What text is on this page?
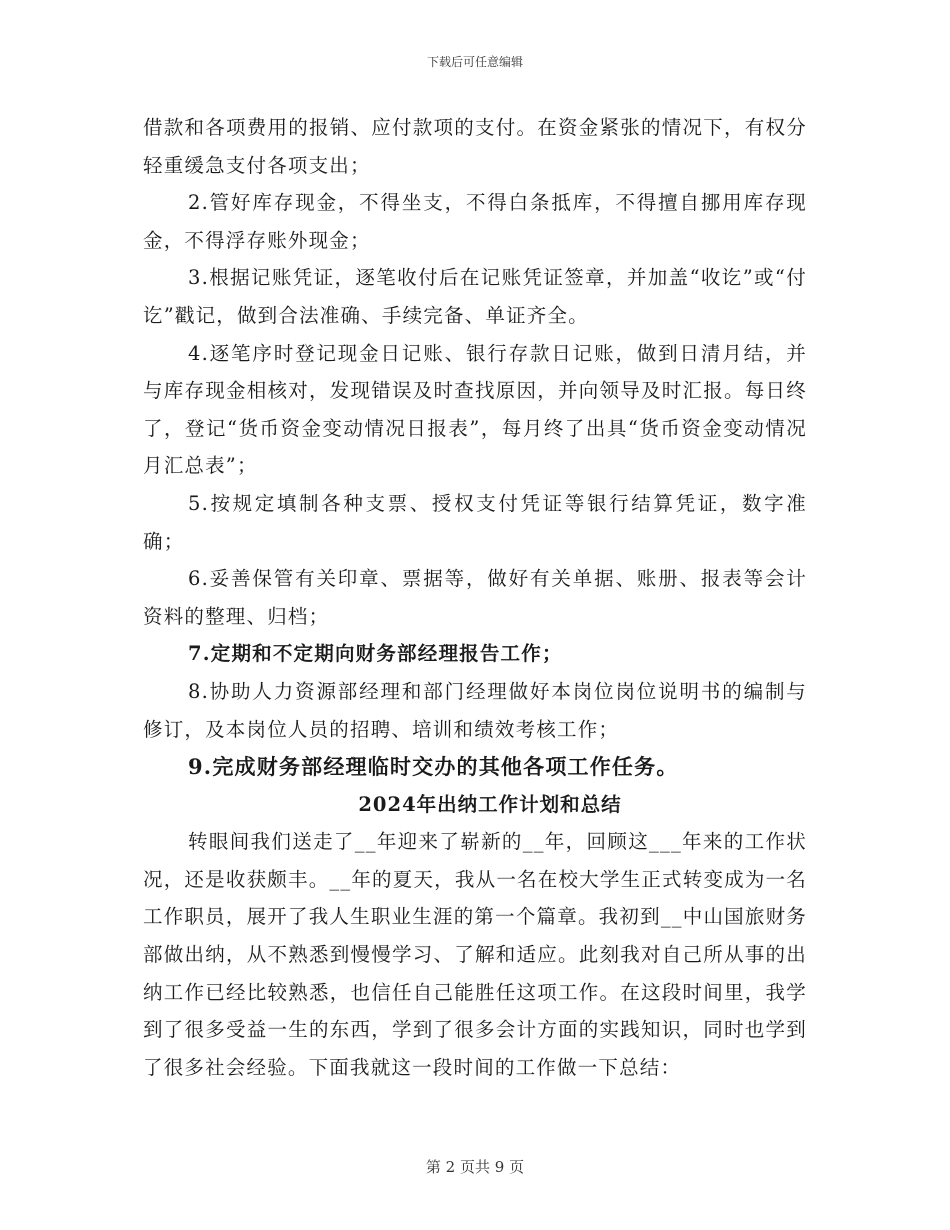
下载后可任意编辑

借款和各项费用的报销、应付款项的支付。在资金紧张的情况下，有权分轻重缓急支付各项支出；

2.管好库存现金，不得坐支，不得白条抵库，不得擅自挪用库存现金，不得浮存账外现金；

3.根据记账凭证，逐笔收付后在记账凭证签章，并加盖“收讫”或“付讫”戳记，做到合法准确、手续完备、单证齐全。

4.逐笔序时登记现金日记账、银行存款日记账，做到日清月结，并与库存现金相核对，发现错误及时查找原因，并向领导及时汇报。每日终了，登记“货币资金变动情况日报表”，每月终了出具“货币资金变动情况月汇总表”；

5.按规定填制各种支票、授权支付凭证等银行结算凭证，数字准确；

6.妥善保管有关印章、票据等，做好有关单据、账册、报表等会计资料的整理、归档；

7.定期和不定期向财务部经理报告工作；

8.协助人力资源部经理和部门经理做好本岗位岗位说明书的编制与修订，及本岗位人员的招聘、培训和绩效考核工作；

9.完成财务部经理临时交办的其他各项工作任务。

2024年出纳工作计划和总结

转眼间我们送走了__年迎来了崭新的__年，回顾这___年来的工作状况，还是收获颇丰。__年的夏天，我从一名在校大学生正式转变成为一名工作职员，展开了我人生职业生涯的第一个篇章。我初到__中山国旅财务部做出纳，从不熟悉到慢慢学习、了解和适应。此刻我对自己所从事的出纳工作已经比较熟悉，也信任自己能胜任这项工作。在这段时间里，我学到了很多受益一生的东西，学到了很多会计方面的实践知识，同时也学到了很多社会经验。下面我就这一段时间的工作做一下总结：

第 2 页共 9 页
